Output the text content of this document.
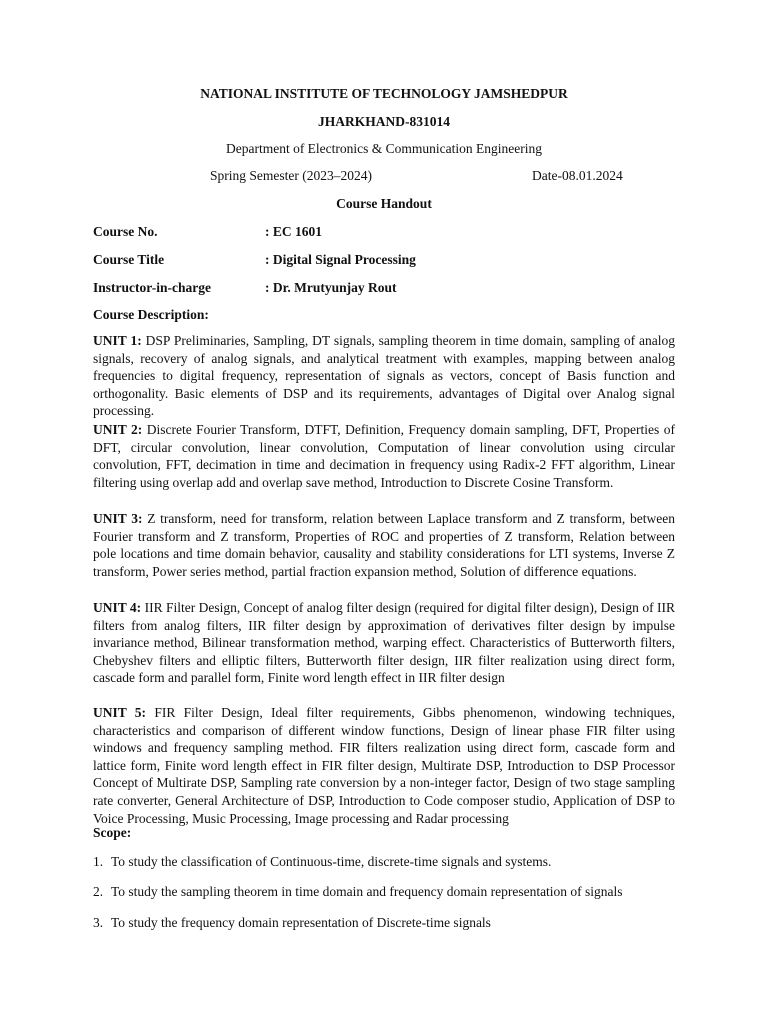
NATIONAL INSTITUTE OF TECHNOLOGY JAMSHEDPUR
JHARKHAND-831014
Department of Electronics & Communication Engineering
Spring Semester (2023–2024)	Date-08.01.2024
Course Handout
Course No.	: EC 1601
Course Title	: Digital Signal Processing
Instructor-in-charge	: Dr. Mrutyunjay Rout
Course Description:
UNIT 1: DSP Preliminaries, Sampling, DT signals, sampling theorem in time domain, sampling of analog signals, recovery of analog signals, and analytical treatment with examples, mapping between analog frequencies to digital frequency, representation of signals as vectors, concept of Basis function and orthogonality. Basic elements of DSP and its requirements, advantages of Digital over Analog signal processing.
UNIT 2: Discrete Fourier Transform, DTFT, Definition, Frequency domain sampling, DFT, Properties of DFT, circular convolution, linear convolution, Computation of linear convolution using circular convolution, FFT, decimation in time and decimation in frequency using Radix-2 FFT algorithm, Linear filtering using overlap add and overlap save method, Introduction to Discrete Cosine Transform.
UNIT 3: Z transform, need for transform, relation between Laplace transform and Z transform, between Fourier transform and Z transform, Properties of ROC and properties of Z transform, Relation between pole locations and time domain behavior, causality and stability considerations for LTI systems, Inverse Z transform, Power series method, partial fraction expansion method, Solution of difference equations.
UNIT 4: IIR Filter Design, Concept of analog filter design (required for digital filter design), Design of IIR filters from analog filters, IIR filter design by approximation of derivatives filter design by impulse invariance method, Bilinear transformation method, warping effect. Characteristics of Butterworth filters, Chebyshev filters and elliptic filters, Butterworth filter design, IIR filter realization using direct form, cascade form and parallel form, Finite word length effect in IIR filter design
UNIT 5: FIR Filter Design, Ideal filter requirements, Gibbs phenomenon, windowing techniques, characteristics and comparison of different window functions, Design of linear phase FIR filter using windows and frequency sampling method. FIR filters realization using direct form, cascade form and lattice form, Finite word length effect in FIR filter design, Multirate DSP, Introduction to DSP Processor Concept of Multirate DSP, Sampling rate conversion by a non-integer factor, Design of two stage sampling rate converter, General Architecture of DSP, Introduction to Code composer studio, Application of DSP to Voice Processing, Music Processing, Image processing and Radar processing
Scope:
1. To study the classification of Continuous-time, discrete-time signals and systems.
2. To study the sampling theorem in time domain and frequency domain representation of signals
3. To study the frequency domain representation of Discrete-time signals
